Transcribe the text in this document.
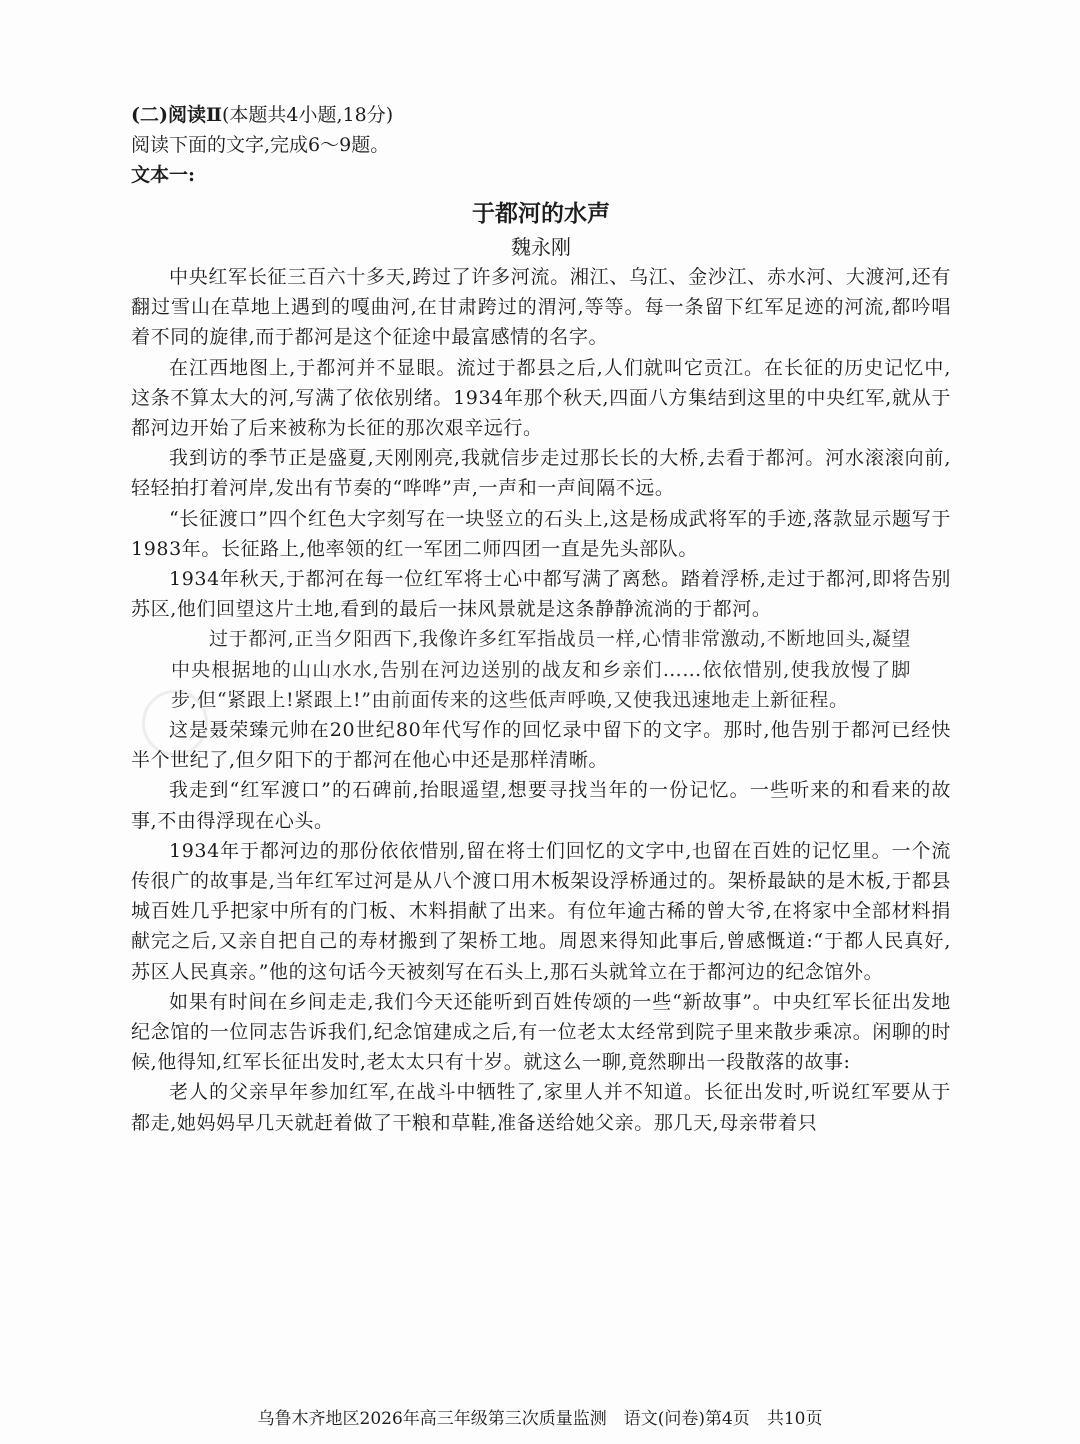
(二)阅读Ⅱ(本题共4小题,18分)
阅读下面的文字,完成6～9题。
文本一:
于都河的水声
魏永刚

中央红军长征三百六十多天,跨过了许多河流。湘江、乌江、金沙江、赤水河、大渡河,还有翻过雪山在草地上遇到的嘎曲河,在甘肃跨过的渭河,等等。每一条留下红军足迹的河流,都吟唱着不同的旋律,而于都河是这个征途中最富感情的名字。

在江西地图上,于都河并不显眼。流过于都县之后,人们就叫它贡江。在长征的历史记忆中,这条不算太大的河,写满了依依别绪。1934年那个秋天,四面八方集结到这里的中央红军,就从于都河边开始了后来被称为长征的那次艰辛远行。

我到访的季节正是盛夏,天刚刚亮,我就信步走过那长长的大桥,去看于都河。河水滚滚向前,轻轻拍打着河岸,发出有节奏的“哗哗”声,一声和一声间隔不远。

“长征渡口”四个红色大字刻写在一块竖立的石头上,这是杨成武将军的手迹,落款显示题写于1983年。长征路上,他率领的红一军团二师四团一直是先头部队。

1934年秋天,于都河在每一位红军将士心中都写满了离愁。踏着浮桥,走过于都河,即将告别苏区,他们回望这片土地,看到的最后一抹风景就是这条静静流淌的于都河。

过于都河,正当夕阳西下,我像许多红军指战员一样,心情非常激动,不断地回头,凝望中央根据地的山山水水,告别在河边送别的战友和乡亲们……依依惜别,使我放慢了脚步,但“紧跟上!紧跟上!”由前面传来的这些低声呼唤,又使我迅速地走上新征程。

这是聂荣臻元帅在20世纪80年代写作的回忆录中留下的文字。那时,他告别于都河已经快半个世纪了,但夕阳下的于都河在他心中还是那样清晰。

我走到“红军渡口”的石碑前,抬眼遥望,想要寻找当年的一份记忆。一些听来的和看来的故事,不由得浮现在心头。

1934年于都河边的那份依依惜别,留在将士们回忆的文字中,也留在百姓的记忆里。一个流传很广的故事是,当年红军过河是从八个渡口用木板架设浮桥通过的。架桥最缺的是木板,于都县城百姓几乎把家中所有的门板、木料捐献了出来。有位年逾古稀的曾大爷,在将家中全部材料捐献完之后,又亲自把自己的寿材搬到了架桥工地。周恩来得知此事后,曾感慨道:“于都人民真好,苏区人民真亲。”他的这句话今天被刻写在石头上,那石头就耸立在于都河边的纪念馆外。

如果有时间在乡间走走,我们今天还能听到百姓传颂的一些“新故事”。中央红军长征出发地纪念馆的一位同志告诉我们,纪念馆建成之后,有一位老太太经常到院子里来散步乘凉。闲聊的时候,他得知,红军长征出发时,老太太只有十岁。就这么一聊,竟然聊出一段散落的故事:

老人的父亲早年参加红军,在战斗中牺牲了,家里人并不知道。长征出发时,听说红军要从于都走,她妈妈早几天就赶着做了干粮和草鞋,准备送给她父亲。那几天,母亲带着只

乌鲁木齐地区2026年高三年级第三次质量监测　语文(问卷)第4页　共10页
